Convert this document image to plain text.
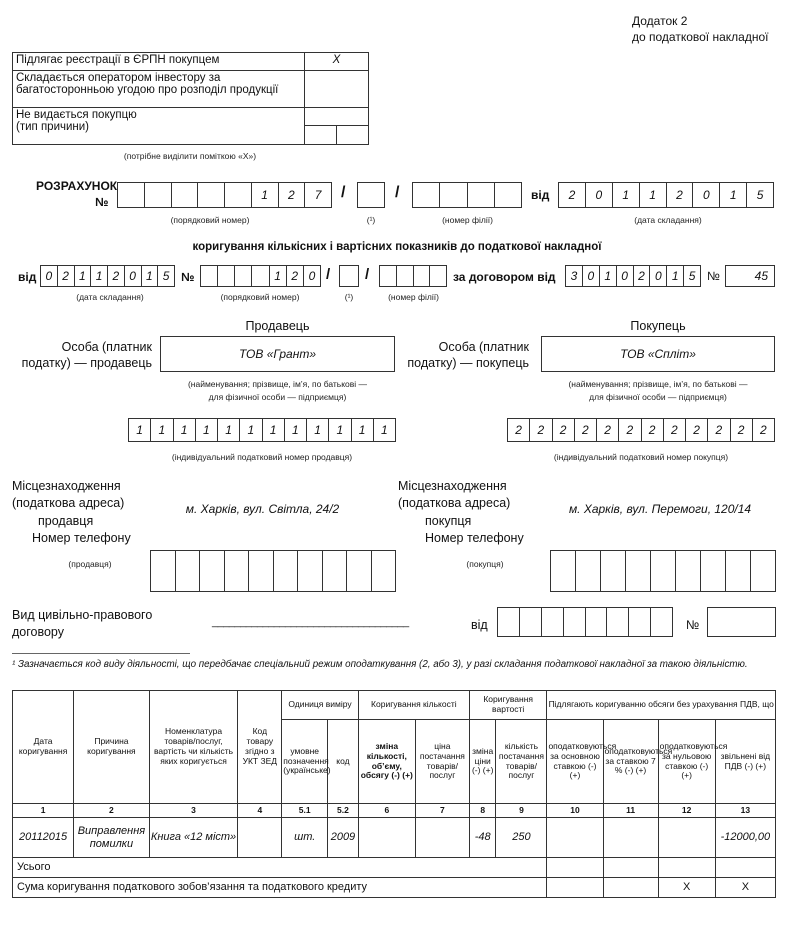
Додаток 2
до податкової накладної
Підлягає реєстрації в ЄРПН покупцем	X	
Складається оператором інвестору за багатосторонньою угодою про розподіл продукції		

Не видається покупцю
(тип причини)		

(потрібне виділити поміткою «Х»)
РОЗРАХУНОК
№	1	2	7	/	/	від	2	0	1	1	2	0	1	5
(порядковий номер)	(¹)	(номер філії)	(дата складання)
коригування кількісних і вартісних показників до податкової накладної
від 0 2 1 1 2 0 1 5 №	1 2 0 / /	за договором від	3 0 1 0 2 0 1 5 №	45
(дата складання)	(порядковий номер)	(¹)	(номер філії)
Продавець
Особа (платник
податку) — продавець
ТОВ «Грант»
(найменування; прізвище, ім’я, по батькові —
для фізичної особи — підприємця)
1	1	1	1	1	1	1	1	1	1	1	1
(індивідуальний податковий номер продавця)
Покупець
Особа (платник
податку) — покупець
ТОВ «Спліт»
(найменування; прізвище, ім’я, по батькові —
для фізичної особи — підприємця)
2	2	2	2	2	2	2	2	2	2	2	2
(індивідуальний податковий номер покупця)
Місцезнаходження
(податкова адреса)
продавця
м. Харків, вул. Світла, 24/2
Номер телефону
(продавця)
Місцезнаходження
(податкова адреса)
покупця
м. Харків, вул. Перемоги, 120/14
Номер телефону
(покупця)
Вид цивільно-правового
договору
___________________________________	від	№
¹ Зазначається код виду діяльності, що передбачає спеціальний режим оподаткування (2, або 3), у разі складання податкової накладної за такою діяльністю.
Дата коригування	Причина коригування	Номенклатура товарів/послуг, вартість чи кількість яких коригується	Код товару згідно з УКТ ЗЕД	Одиниця виміру		Коригування кількості		Коригування вартості		Підлягають коригуванню обсяги без урахування ПДВ, що			
				умовне позначення (українське)	код	зміна кількості, об’єму, обсягу (-) (+)	ціна постачання товарів/ послуг	зміна ціни (-) (+)	кількість постачання товарів/ послуг	оподатковуються за основною ставкою (-) (+)	оподатковуються за ставкою 7 % (-) (+)	оподатковуються за нульовою ставкою (-) (+)	звільнені від ПДВ (-) (+)
1	2	3	4	5.1	5.2	6	7	8	9	10	11	12	13
20112015	Виправлення помилки	Книга «12 міст»		шт.	2009			-48	250				-12000,00
Усього													
Сума коригування податкового зобов’язання та податкового кредиту												Х	Х
